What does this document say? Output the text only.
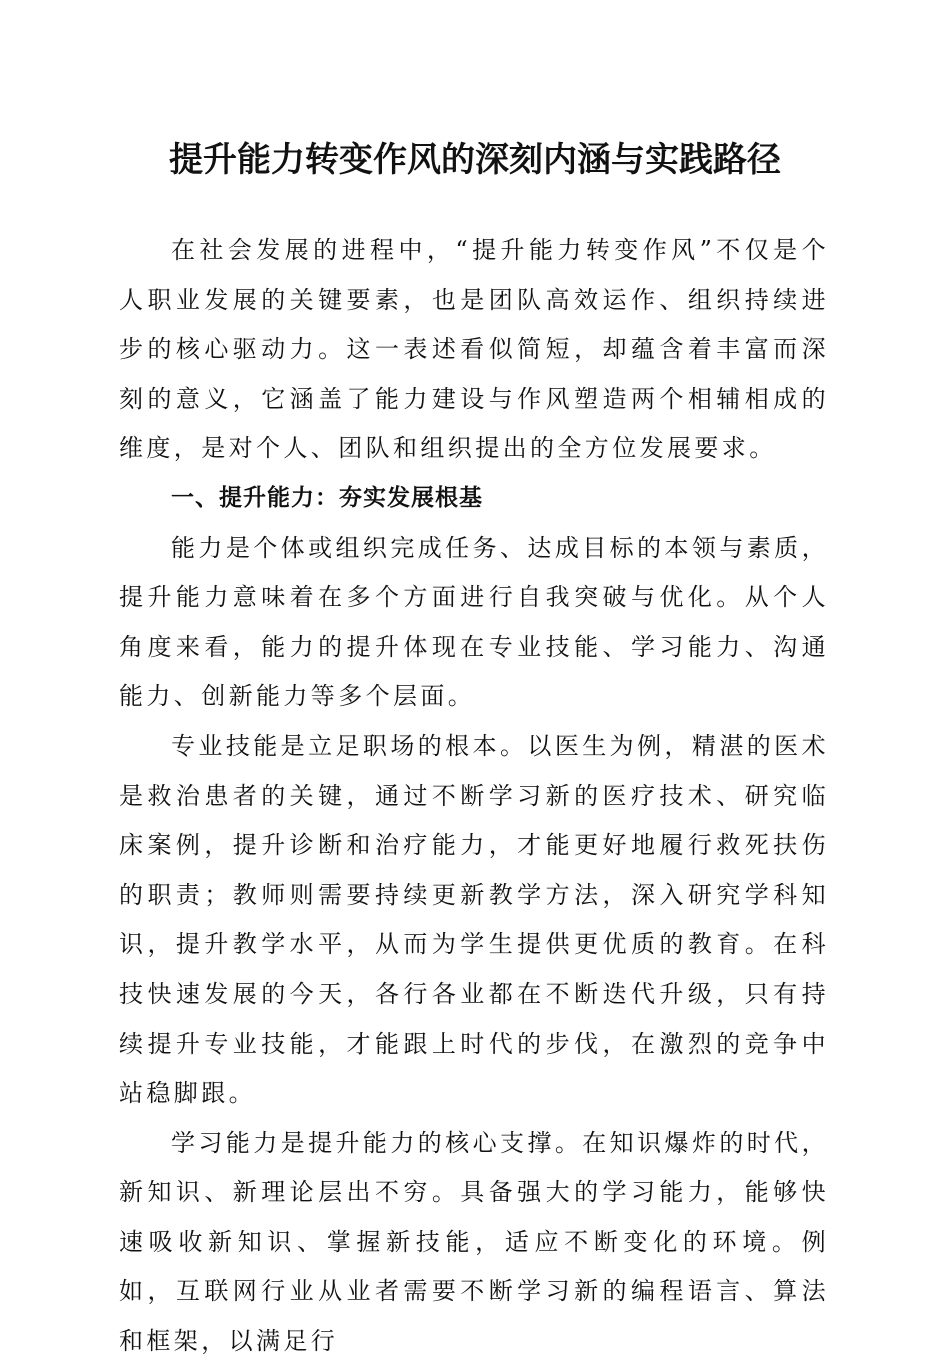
提升能力转变作风的深刻内涵与实践路径

在社会发展的进程中，“提升能力转变作风”不仅是个人职业发展的关键要素，也是团队高效运作、组织持续进步的核心驱动力。这一表述看似简短，却蕴含着丰富而深刻的意义，它涵盖了能力建设与作风塑造两个相辅相成的维度，是对个人、团队和组织提出的全方位发展要求。

一、提升能力：夯实发展根基

能力是个体或组织完成任务、达成目标的本领与素质，提升能力意味着在多个方面进行自我突破与优化。从个人角度来看，能力的提升体现在专业技能、学习能力、沟通能力、创新能力等多个层面。

专业技能是立足职场的根本。以医生为例，精湛的医术是救治患者的关键，通过不断学习新的医疗技术、研究临床案例，提升诊断和治疗能力，才能更好地履行救死扶伤的职责；教师则需要持续更新教学方法，深入研究学科知识，提升教学水平，从而为学生提供更优质的教育。在科技快速发展的今天，各行各业都在不断迭代升级，只有持续提升专业技能，才能跟上时代的步伐，在激烈的竞争中站稳脚跟。

学习能力是提升能力的核心支撑。在知识爆炸的时代，新知识、新理论层出不穷。具备强大的学习能力，能够快速吸收新知识、掌握新技能，适应不断变化的环境。例如，互联网行业从业者需要不断学习新的编程语言、算法和框架，以满足行
